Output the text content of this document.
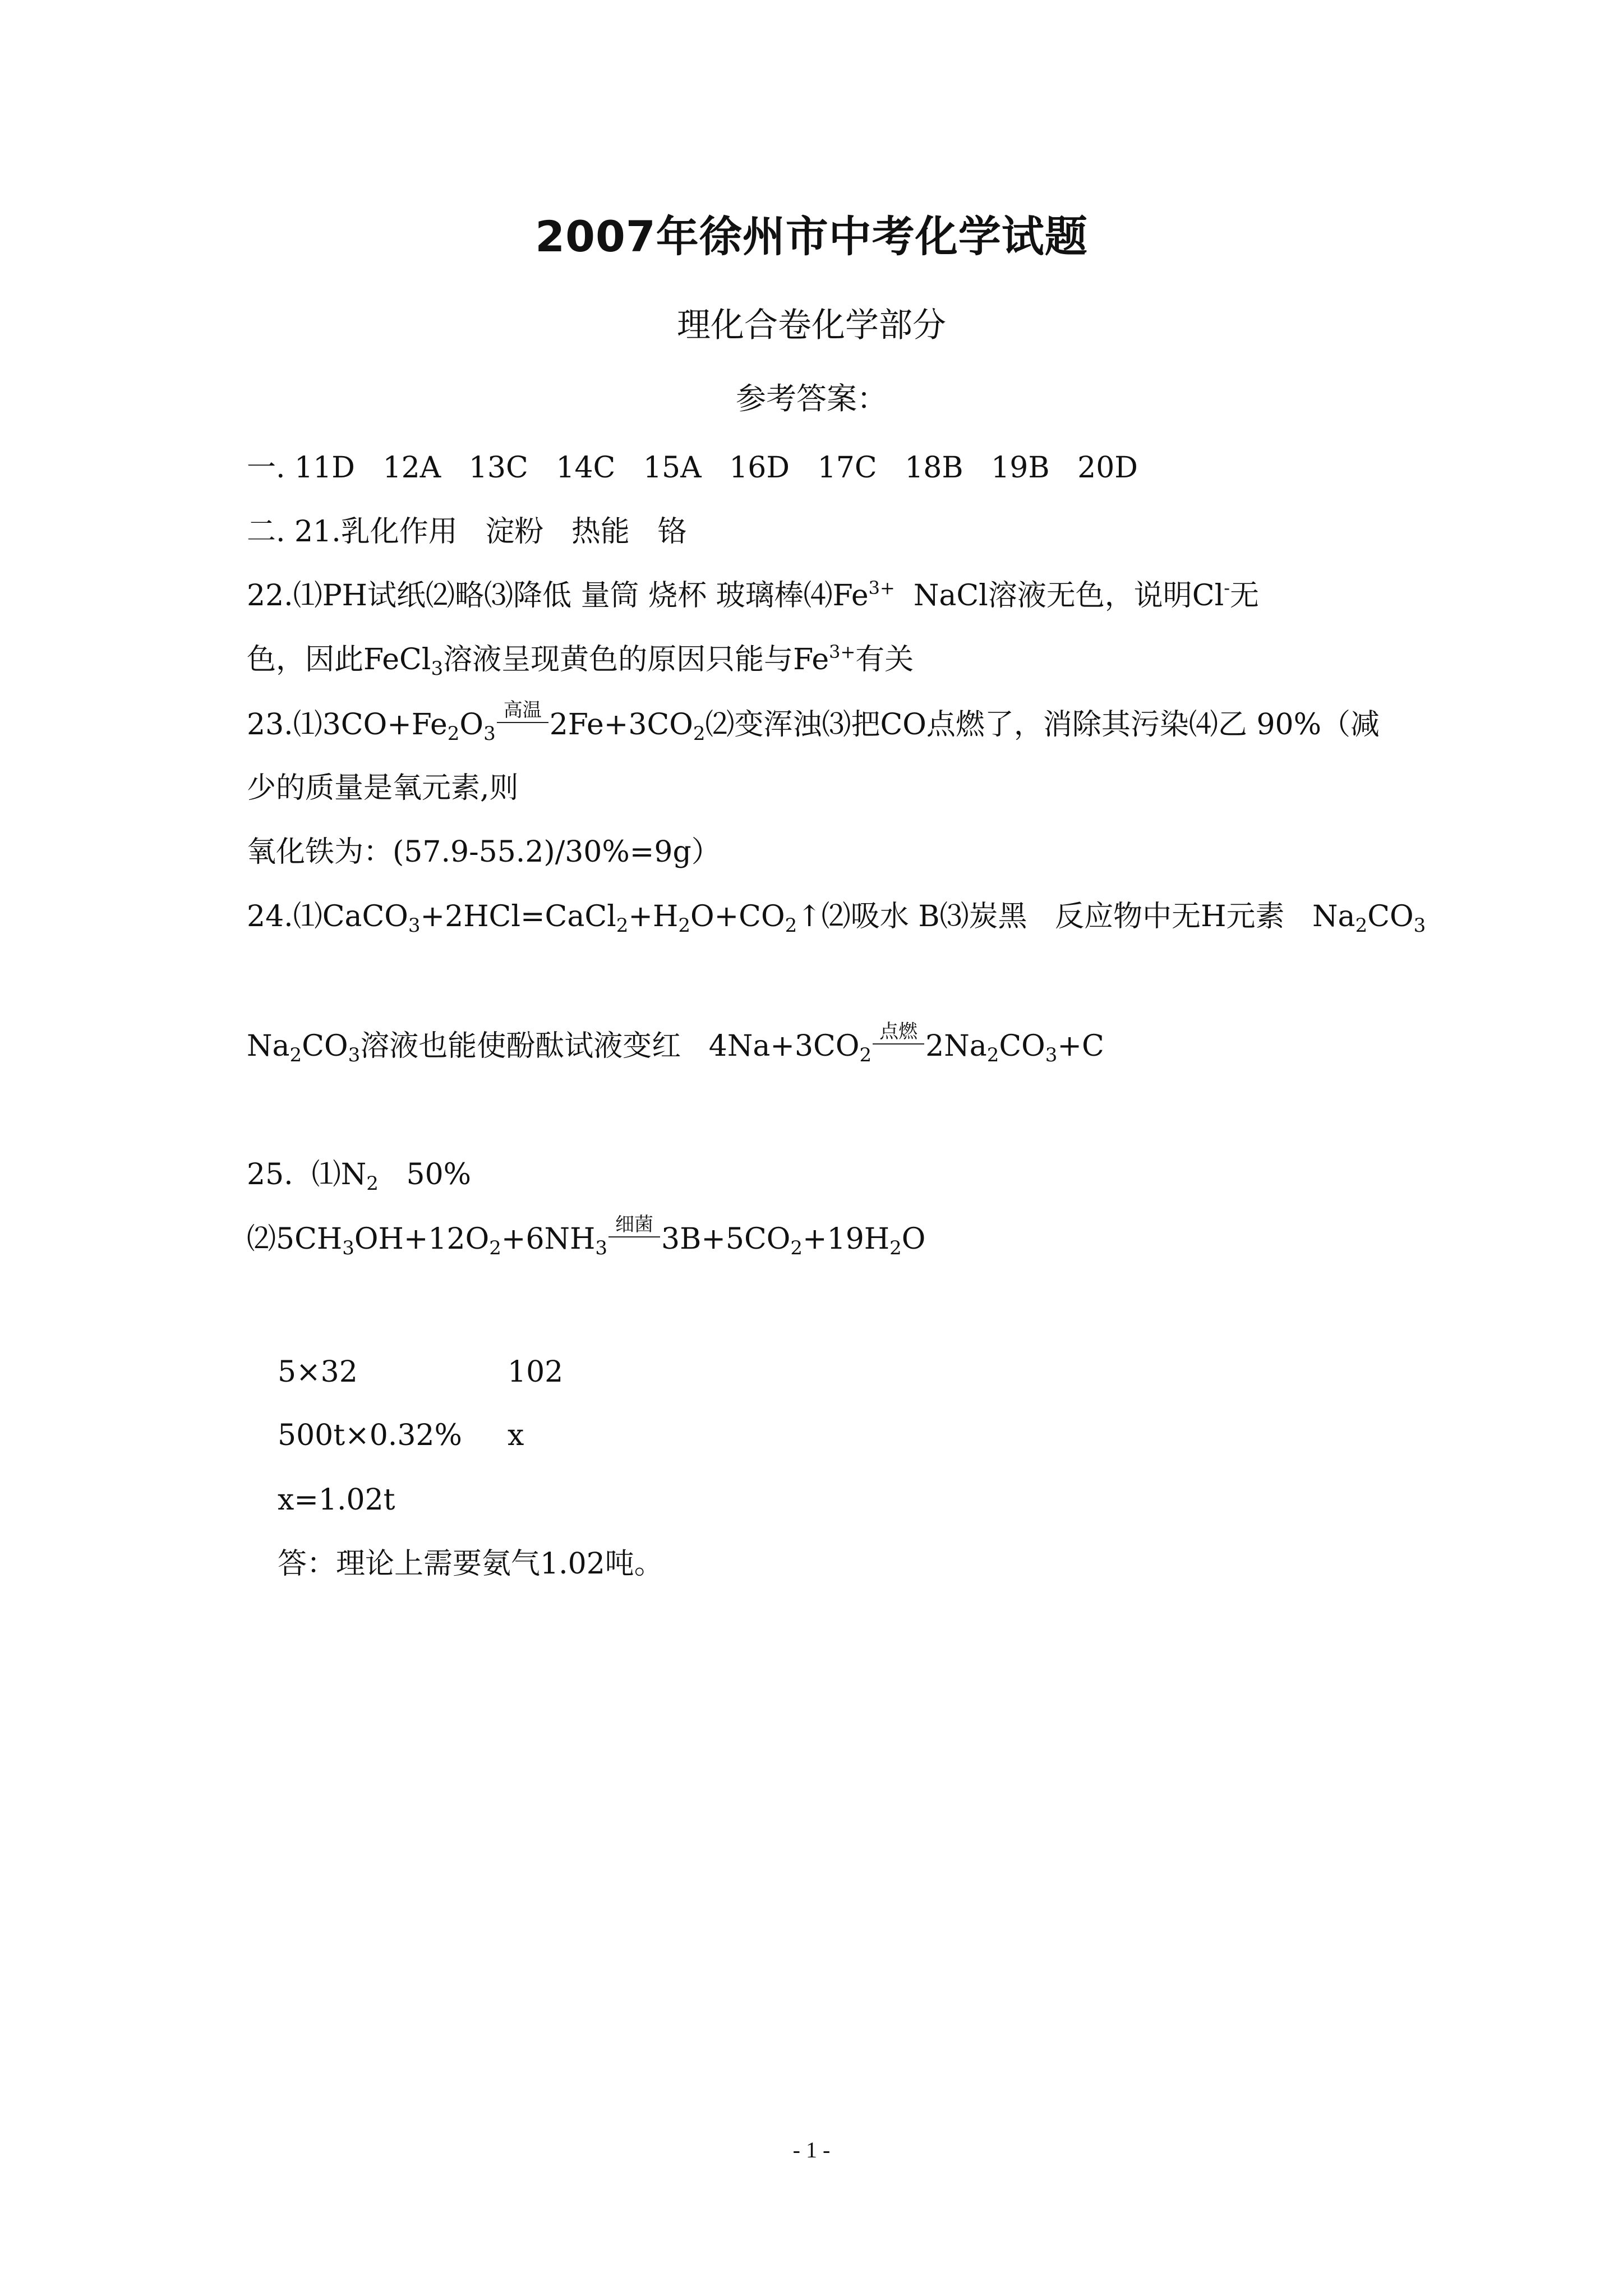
2007年徐州市中考化学试题
理化合卷化学部分
参考答案：
一. 11D   12A   13C   14C   15A   16D   17C   18B   19B   20D
二. 21.乳化作用   淀粉   热能   铬
22.⑴PH试纸⑵略⑶降低 量筒 烧杯 玻璃棒$⑷Fe^{3+}$  NaCl溶液无色，说明Cl-无
色，因此FeCl$_3$溶液呈现黄色的原因只能与$Fe^{3+}$有关
$23.⑴3CO+Fe_2O_3$
高温 $2Fe+3CO_2⑵$变浑浊⑶把CO点燃了，消除其污染⑷乙 90%（减
少的质量是氧元素,则
氧化铁为：(57.9-55.2)/30%=9g）
$24.⑴CaCO_3+2HCl=CaCl_2+H_2O+CO_2↑⑵$吸水 B⑶炭黑   反应物中无H元素   $Na_2CO_3$
$Na_2CO_3$溶液也能使酚酞试液变红   $4Na+3CO_2$
点燃 $2Na_2CO_3+C$
25.  $⑴N_2$   50%
$⑵5CH_3OH+12O_2+6NH_3$
细菌 $3B+5CO_2+19H_2O$
5×32	102
500t×0.32% x
x=1.02t
答：理论上需要氨气1.02吨。
- 1 -
